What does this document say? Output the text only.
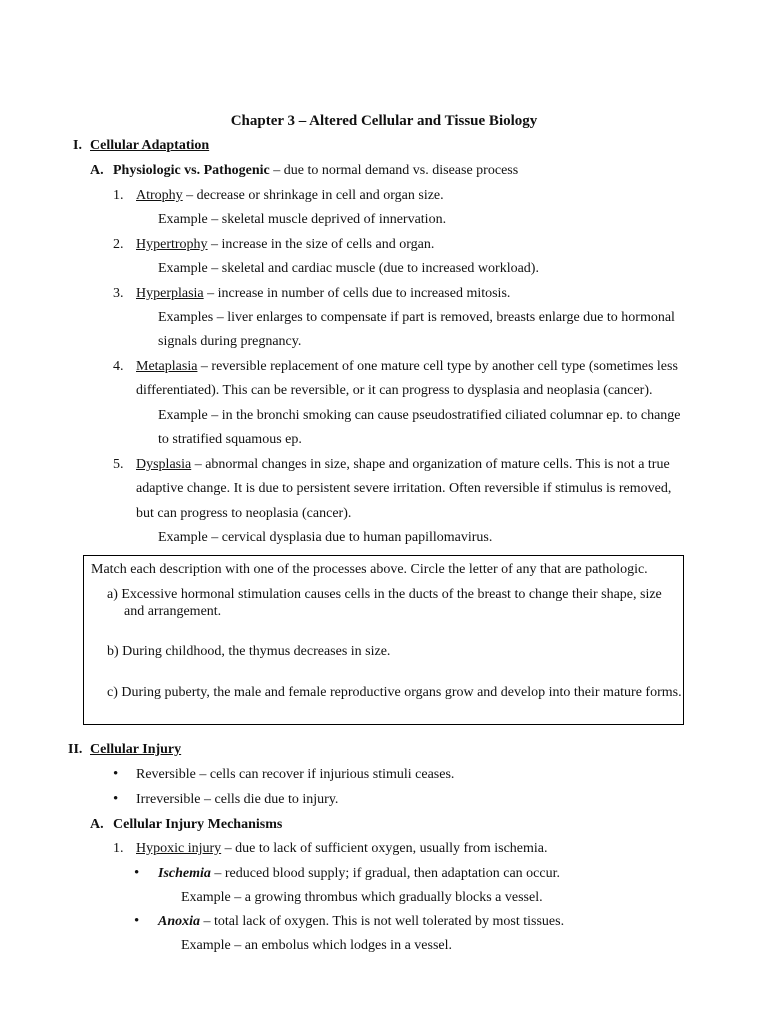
Chapter 3 – Altered Cellular and Tissue Biology
I. Cellular Adaptation
A. Physiologic vs. Pathogenic – due to normal demand vs. disease process
1. Atrophy – decrease or shrinkage in cell and organ size.
Example – skeletal muscle deprived of innervation.
2. Hypertrophy – increase in the size of cells and organ.
Example – skeletal and cardiac muscle (due to increased workload).
3. Hyperplasia – increase in number of cells due to increased mitosis.
Examples – liver enlarges to compensate if part is removed, breasts enlarge due to hormonal
signals during pregnancy.
4. Metaplasia – reversible replacement of one mature cell type by another cell type (sometimes less
differentiated). This can be reversible, or it can progress to dysplasia and neoplasia (cancer).
Example – in the bronchi smoking can cause pseudostratified ciliated columnar ep. to change
to stratified squamous ep.
5. Dysplasia – abnormal changes in size, shape and organization of mature cells. This is not a true
adaptive change. It is due to persistent severe irritation. Often reversible if stimulus is removed,
but can progress to neoplasia (cancer).
Example – cervical dysplasia due to human papillomavirus.
Match each description with one of the processes above. Circle the letter of any that are pathologic.
a) Excessive hormonal stimulation causes cells in the ducts of the breast to change their shape, size
and arrangement.
b) During childhood, the thymus decreases in size.
c) During puberty, the male and female reproductive organs grow and develop into their mature forms.
II. Cellular Injury
• Reversible – cells can recover if injurious stimuli ceases.
• Irreversible – cells die due to injury.
A. Cellular Injury Mechanisms
1. Hypoxic injury – due to lack of sufficient oxygen, usually from ischemia.
• Ischemia – reduced blood supply; if gradual, then adaptation can occur.
Example – a growing thrombus which gradually blocks a vessel.
• Anoxia – total lack of oxygen. This is not well tolerated by most tissues.
Example – an embolus which lodges in a vessel.
